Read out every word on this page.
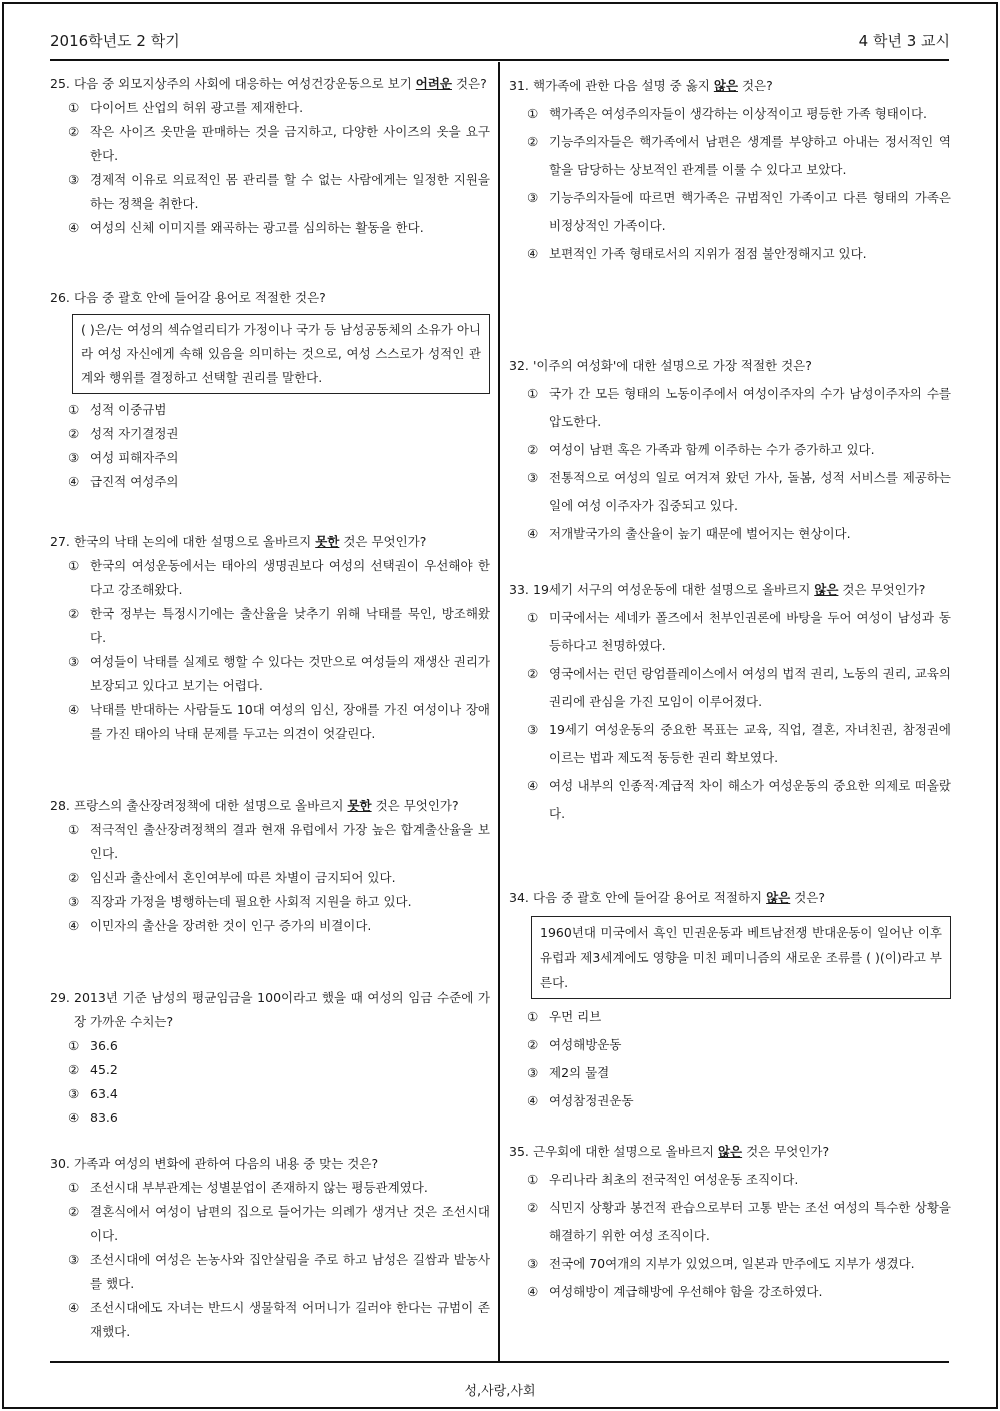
2016학년도 2 학기	4 학년 3 교시
25. 다음 중 외모지상주의 사회에 대응하는 여성건강운동으로 보기 어려운 것은?
① 다이어트 산업의 허위 광고를 제재한다.
② 작은 사이즈 옷만을 판매하는 것을 금지하고, 다양한 사이즈의 옷을 요구한다.
③ 경제적 이유로 의료적인 몸 관리를 할 수 없는 사람에게는 일정한 지원을 하는 정책을 취한다.
④ 여성의 신체 이미지를 왜곡하는 광고를 심의하는 활동을 한다.
26. 다음 중 괄호 안에 들어갈 용어로 적절한 것은?
( )은/는 여성의 섹슈얼리티가 가정이나 국가 등 남성공동체의 소유가 아니라 여성 자신에게 속해 있음을 의미하는 것으로, 여성 스스로가 성적인 관계와 행위를 결정하고 선택할 권리를 말한다.
① 성적 이중규범
② 성적 자기결정권
③ 여성 피해자주의
④ 급진적 여성주의
27. 한국의 낙태 논의에 대한 설명으로 올바르지 못한 것은 무엇인가?
① 한국의 여성운동에서는 태아의 생명권보다 여성의 선택권이 우선해야 한다고 강조해왔다.
② 한국 정부는 특정시기에는 출산율을 낮추기 위해 낙태를 묵인, 방조해왔다.
③ 여성들이 낙태를 실제로 행할 수 있다는 것만으로 여성들의 재생산 권리가 보장되고 있다고 보기는 어렵다.
④ 낙태를 반대하는 사람들도 10대 여성의 임신, 장애를 가진 여성이나 장애를 가진 태아의 낙태 문제를 두고는 의견이 엇갈린다.
28. 프랑스의 출산장려정책에 대한 설명으로 올바르지 못한 것은 무엇인가?
① 적극적인 출산장려정책의 결과 현재 유럽에서 가장 높은 합계출산율을 보인다.
② 임신과 출산에서 혼인여부에 따른 차별이 금지되어 있다.
③ 직장과 가정을 병행하는데 필요한 사회적 지원을 하고 있다.
④ 이민자의 출산을 장려한 것이 인구 증가의 비결이다.
29. 2013년 기준 남성의 평균임금을 100이라고 했을 때 여성의 임금 수준에 가장 가까운 수치는?
① 36.6
② 45.2
③ 63.4
④ 83.6
30. 가족과 여성의 변화에 관하여 다음의 내용 중 맞는 것은?
① 조선시대 부부관계는 성별분업이 존재하지 않는 평등관계였다.
② 결혼식에서 여성이 남편의 집으로 들어가는 의례가 생겨난 것은 조선시대이다.
③ 조선시대에 여성은 논농사와 집안살림을 주로 하고 남성은 길쌈과 밭농사를 했다.
④ 조선시대에도 자녀는 반드시 생물학적 어머니가 길러야 한다는 규범이 존재했다.
31. 핵가족에 관한 다음 설명 중 옳지 않은 것은?
① 핵가족은 여성주의자들이 생각하는 이상적이고 평등한 가족 형태이다.
② 기능주의자들은 핵가족에서 남편은 생계를 부양하고 아내는 정서적인 역할을 담당하는 상보적인 관계를 이룰 수 있다고 보았다.
③ 기능주의자들에 따르면 핵가족은 규범적인 가족이고 다른 형태의 가족은 비정상적인 가족이다.
④ 보편적인 가족 형태로서의 지위가 점점 불안정해지고 있다.
32. '이주의 여성화'에 대한 설명으로 가장 적절한 것은?
① 국가 간 모든 형태의 노동이주에서 여성이주자의 수가 남성이주자의 수를 압도한다.
② 여성이 남편 혹은 가족과 함께 이주하는 수가 증가하고 있다.
③ 전통적으로 여성의 일로 여겨져 왔던 가사, 돌봄, 성적 서비스를 제공하는 일에 여성 이주자가 집중되고 있다.
④ 저개발국가의 출산율이 높기 때문에 벌어지는 현상이다.
33. 19세기 서구의 여성운동에 대한 설명으로 올바르지 않은 것은 무엇인가?
① 미국에서는 세네카 폴즈에서 천부인권론에 바탕을 두어 여성이 남성과 동등하다고 천명하였다.
② 영국에서는 런던 랑엄플레이스에서 여성의 법적 권리, 노동의 권리, 교육의 권리에 관심을 가진 모임이 이루어졌다.
③ 19세기 여성운동의 중요한 목표는 교육, 직업, 결혼, 자녀친권, 참정권에 이르는 법과 제도적 동등한 권리 확보였다.
④ 여성 내부의 인종적·계급적 차이 해소가 여성운동의 중요한 의제로 떠올랐다.
34. 다음 중 괄호 안에 들어갈 용어로 적절하지 않은 것은?
1960년대 미국에서 흑인 민권운동과 베트남전쟁 반대운동이 일어난 이후 유럽과 제3세계에도 영향을 미친 페미니즘의 새로운 조류를 ( )(이)라고 부른다.
① 우먼 리브
② 여성해방운동
③ 제2의 물결
④ 여성참정권운동
35. 근우회에 대한 설명으로 올바르지 않은 것은 무엇인가?
① 우리나라 최초의 전국적인 여성운동 조직이다.
② 식민지 상황과 봉건적 관습으로부터 고통 받는 조선 여성의 특수한 상황을 해결하기 위한 여성 조직이다.
③ 전국에 70여개의 지부가 있었으며, 일본과 만주에도 지부가 생겼다.
④ 여성해방이 계급해방에 우선해야 함을 강조하였다.
성,사랑,사회
